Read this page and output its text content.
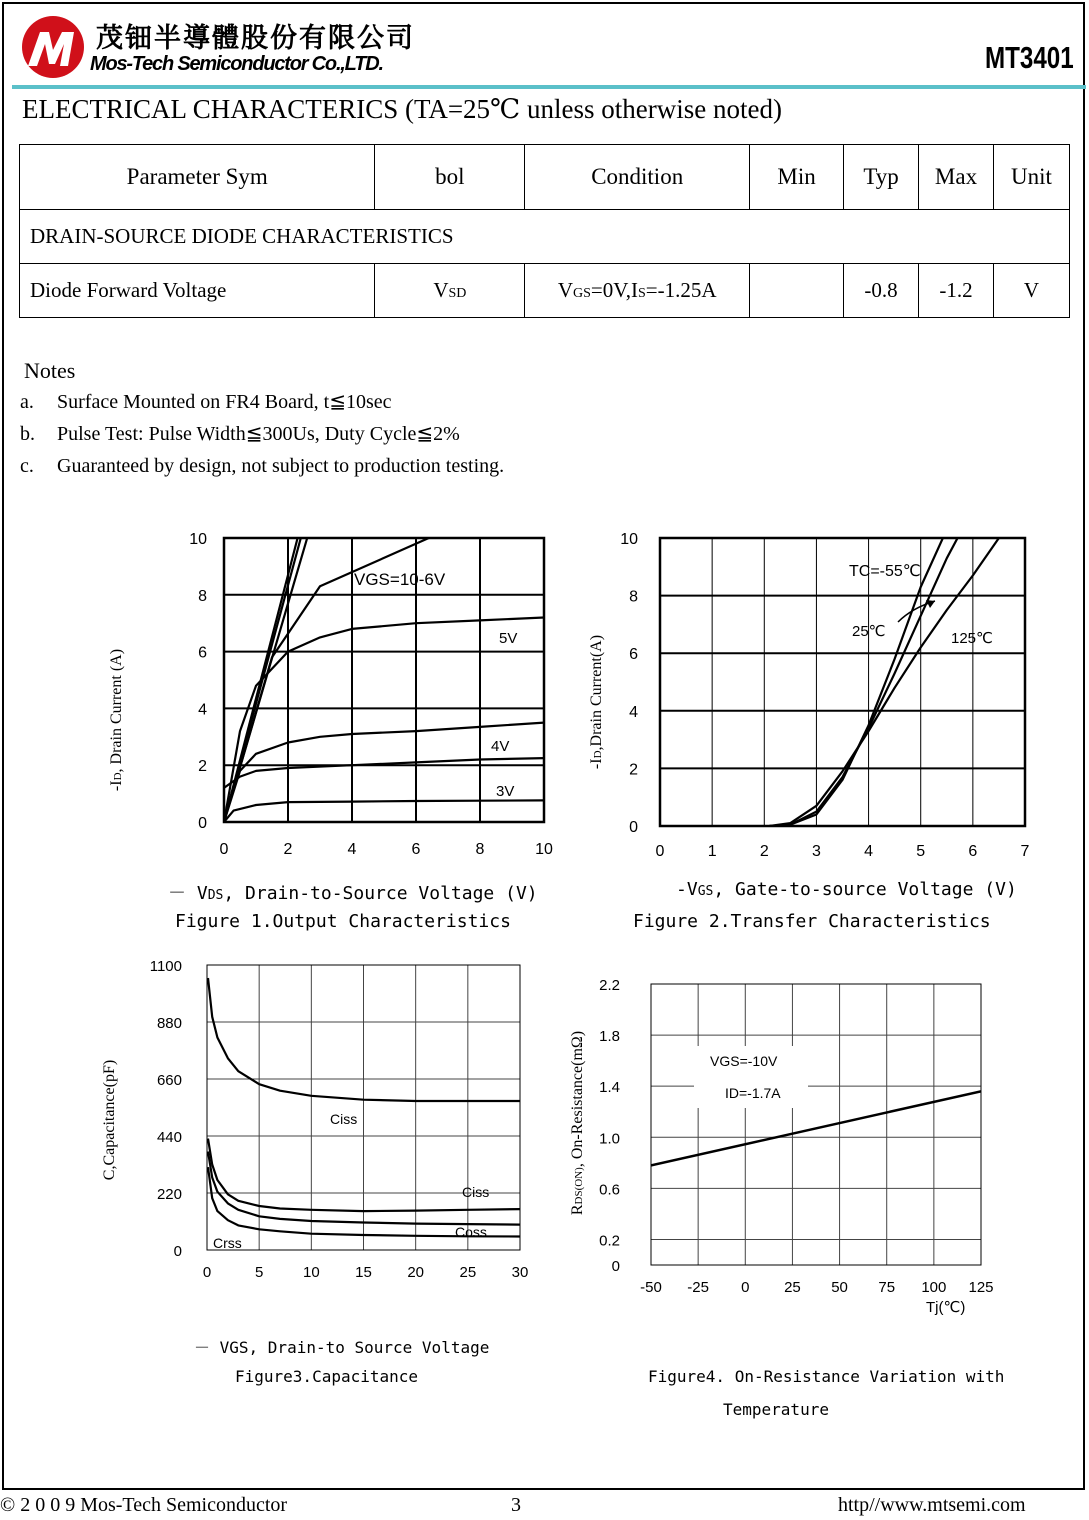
茂钿半導體股份有限公司
Mos-Tech Semiconductor Co.,LTD.	MT3401
ELECTRICAL CHARACTERICS (TA=25℃ unless otherwise noted)
Parameter Sym	bol	Condition	Min	Typ	Max	Unit
DRAIN-SOURCE DIODE CHARACTERISTICS						
Diode Forward Voltage	VSD	VGS=0V,IS=-1.25A		-0.8	-1.2	V
Notes
a. Surface Mounted on FR4 Board, t≦10sec
b. Pulse Test: Pulse Width≦300Us, Duty Cycle≦2%
c. Guaranteed by design, not subject to production testing.
0	2	4	6	8	10
0
2
4
6
8
10
0	1	2	3	4	5	6	7
0
2
4
6
8
10
0	5	10 15 20 25 30
0
220
440
660
880
1100
-50 -25 0 25 50 75 100 125
0
0.2
0.6
1.0
1.4
1.8
2.2
VGS=10-6V
5V
4V
3V
TC=-55℃
25℃	125℃
Ciss
Ciss
Coss
Crss
VGS=-10V
ID=-1.7A
Tj(℃)
-ID, Drain Current (A)	-ID,Drain Current(A)
C,Capacitance(pF)
RDS(ON), On-Resistance(mΩ)
－ VDS, Drain-to-Source Voltage (V)
Figure 1.Output Characteristics
-VGS, Gate-to-source Voltage (V)
Figure 2.Transfer Characteristics
－ VGS, Drain-to Source Voltage
Figure3.Capacitance	Figure4. On-Resistance Variation with
Temperature
© 2 0 0 9 Mos-Tech Semiconductor	3	http//www.mtsemi.com
